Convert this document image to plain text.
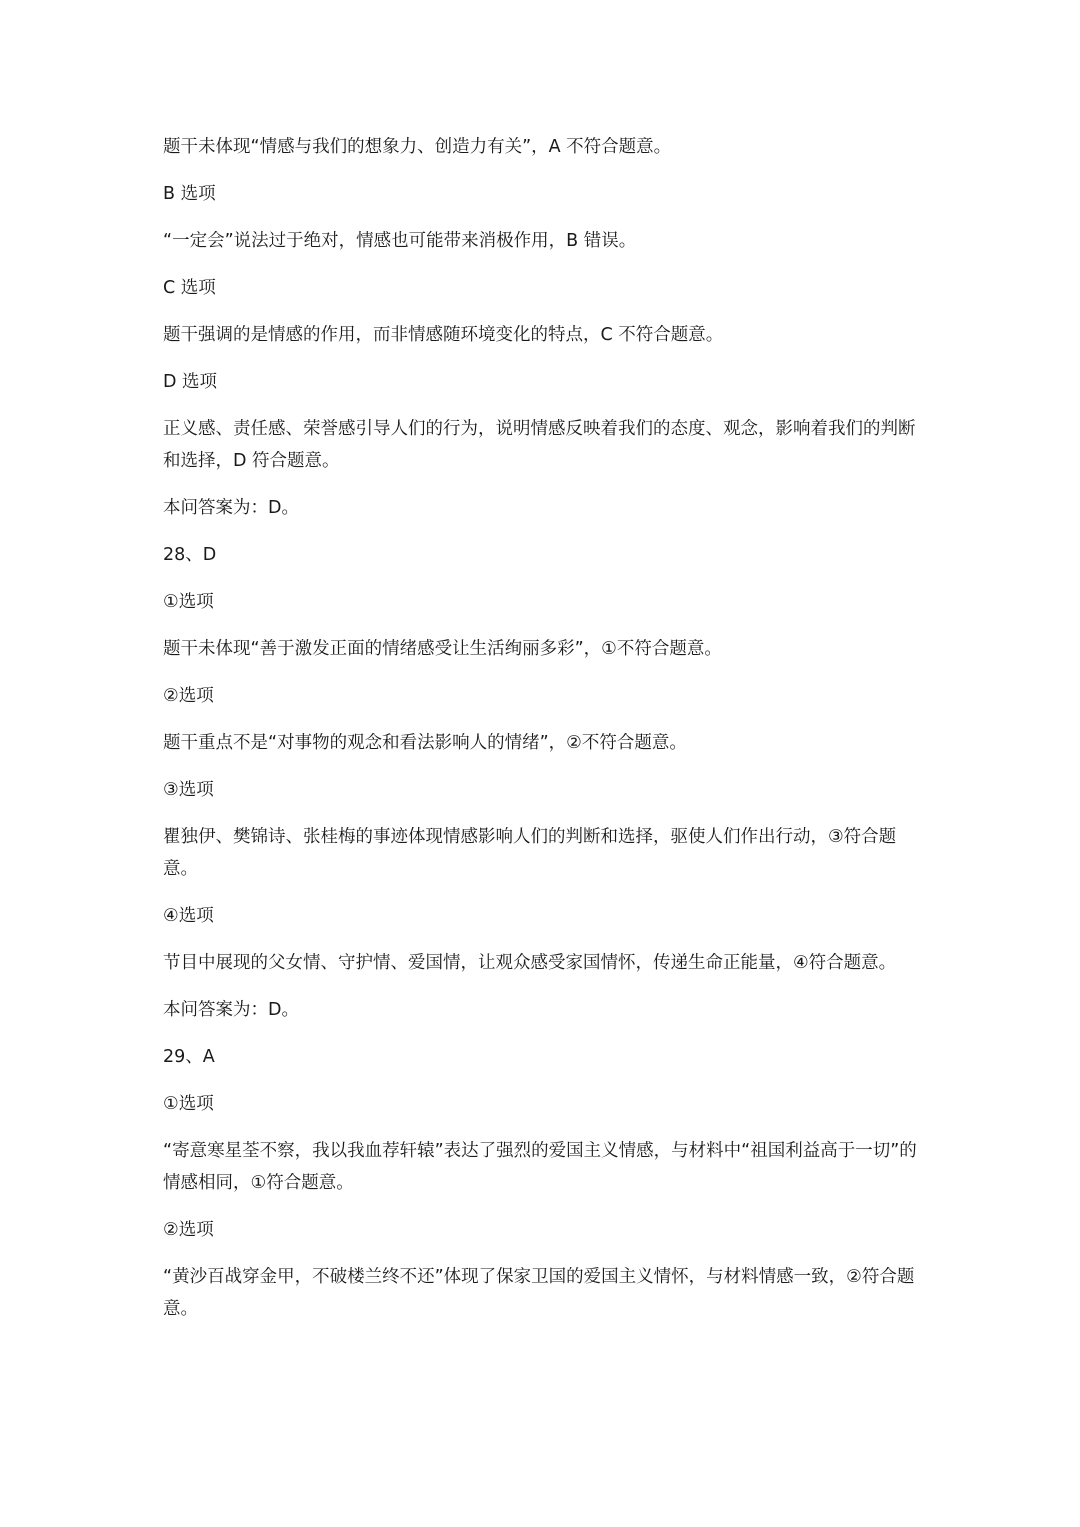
题干未体现“情感与我们的想象力、创造力有关”，A 不符合题意。

B 选项

“一定会”说法过于绝对，情感也可能带来消极作用，B 错误。

C 选项

题干强调的是情感的作用，而非情感随环境变化的特点，C 不符合题意。

D 选项

正义感、责任感、荣誉感引导人们的行为，说明情感反映着我们的态度、观念，影响着我们的判断和选择，D 符合题意。

本问答案为：D。

28、D

①选项

题干未体现“善于激发正面的情绪感受让生活绚丽多彩”，①不符合题意。

②选项

题干重点不是“对事物的观念和看法影响人的情绪”，②不符合题意。

③选项

瞿独伊、樊锦诗、张桂梅的事迹体现情感影响人们的判断和选择，驱使人们作出行动，③符合题意。

④选项

节目中展现的父女情、守护情、爱国情，让观众感受家国情怀，传递生命正能量，④符合题意。

本问答案为：D。

29、A

①选项

“寄意寒星荃不察，我以我血荐轩辕”表达了强烈的爱国主义情感，与材料中“祖国利益高于一切”的情感相同，①符合题意。

②选项

“黄沙百战穿金甲，不破楼兰终不还”体现了保家卫国的爱国主义情怀，与材料情感一致，②符合题意。
